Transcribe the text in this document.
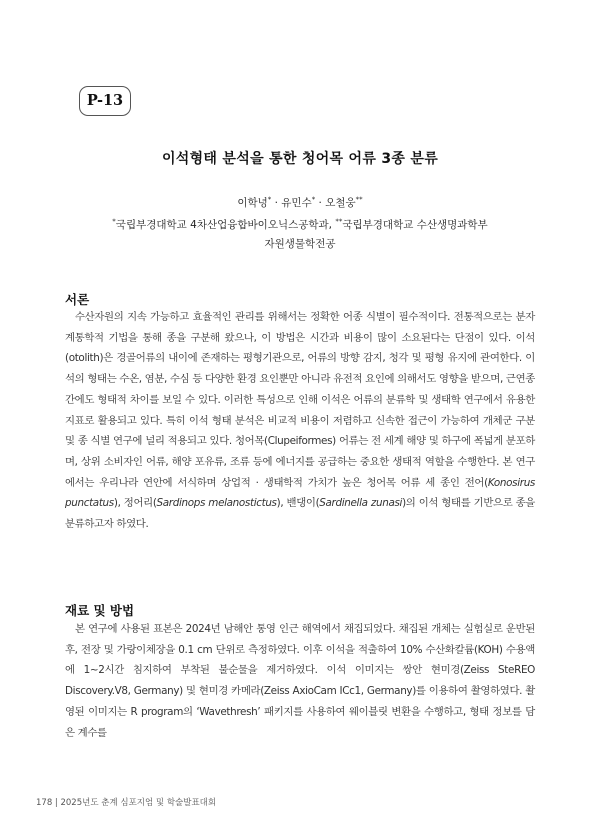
P-13
이석형태 분석을 통한 청어목 어류 3종 분류
이학녕* · 유민수* · 오철웅**
*국립부경대학교 4차산업융합바이오닉스공학과, **국립부경대학교 수산생명과학부
자원생물학전공
서론
수산자원의 지속 가능하고 효율적인 관리를 위해서는 정확한 어종 식별이 필수적이다. 전통적으로는 분자계통학적 기법을 통해 종을 구분해 왔으나, 이 방법은 시간과 비용이 많이 소요된다는 단점이 있다. 이석(otolith)은 경골어류의 내이에 존재하는 평형기관으로, 어류의 방향 감지, 청각 및 평형 유지에 관여한다. 이석의 형태는 수온, 염분, 수심 등 다양한 환경 요인뿐만 아니라 유전적 요인에 의해서도 영향을 받으며, 근연종 간에도 형태적 차이를 보일 수 있다. 이러한 특성으로 인해 이석은 어류의 분류학 및 생태학 연구에서 유용한 지표로 활용되고 있다. 특히 이석 형태 분석은 비교적 비용이 저렴하고 신속한 접근이 가능하여 개체군 구분 및 종 식별 연구에 널리 적용되고 있다. 청어목(Clupeiformes) 어류는 전 세계 해양 및 하구에 폭넓게 분포하며, 상위 소비자인 어류, 해양 포유류, 조류 등에 에너지를 공급하는 중요한 생태적 역할을 수행한다. 본 연구에서는 우리나라 연안에 서식하며 상업적 · 생태학적 가치가 높은 청어목 어류 세 종인 전어(Konosirus punctatus), 정어리(Sardinops melanostictus), 밴댕이(Sardinella zunasi)의 이석 형태를 기반으로 종을 분류하고자 하였다.
재료 및 방법
본 연구에 사용된 표본은 2024년 남해안 통영 인근 해역에서 채집되었다. 채집된 개체는 실험실로 운반된 후, 전장 및 가랑이체장을 0.1 cm 단위로 측정하였다. 이후 이석을 적출하여 10% 수산화칼륨(KOH) 수용액에 1~2시간 침지하여 부착된 불순물을 제거하였다. 이석 이미지는 쌍안 현미경(Zeiss SteREO Discovery.V8, Germany) 및 현미경 카메라(Zeiss AxioCam ICc1, Germany)를 이용하여 촬영하였다. 촬영된 이미지는 R program의 ‘Wavethresh’ 패키지를 사용하여 웨이블릿 변환을 수행하고, 형태 정보를 담은 계수를
178 | 2025년도 춘계 심포지엄 및 학술발표대회
